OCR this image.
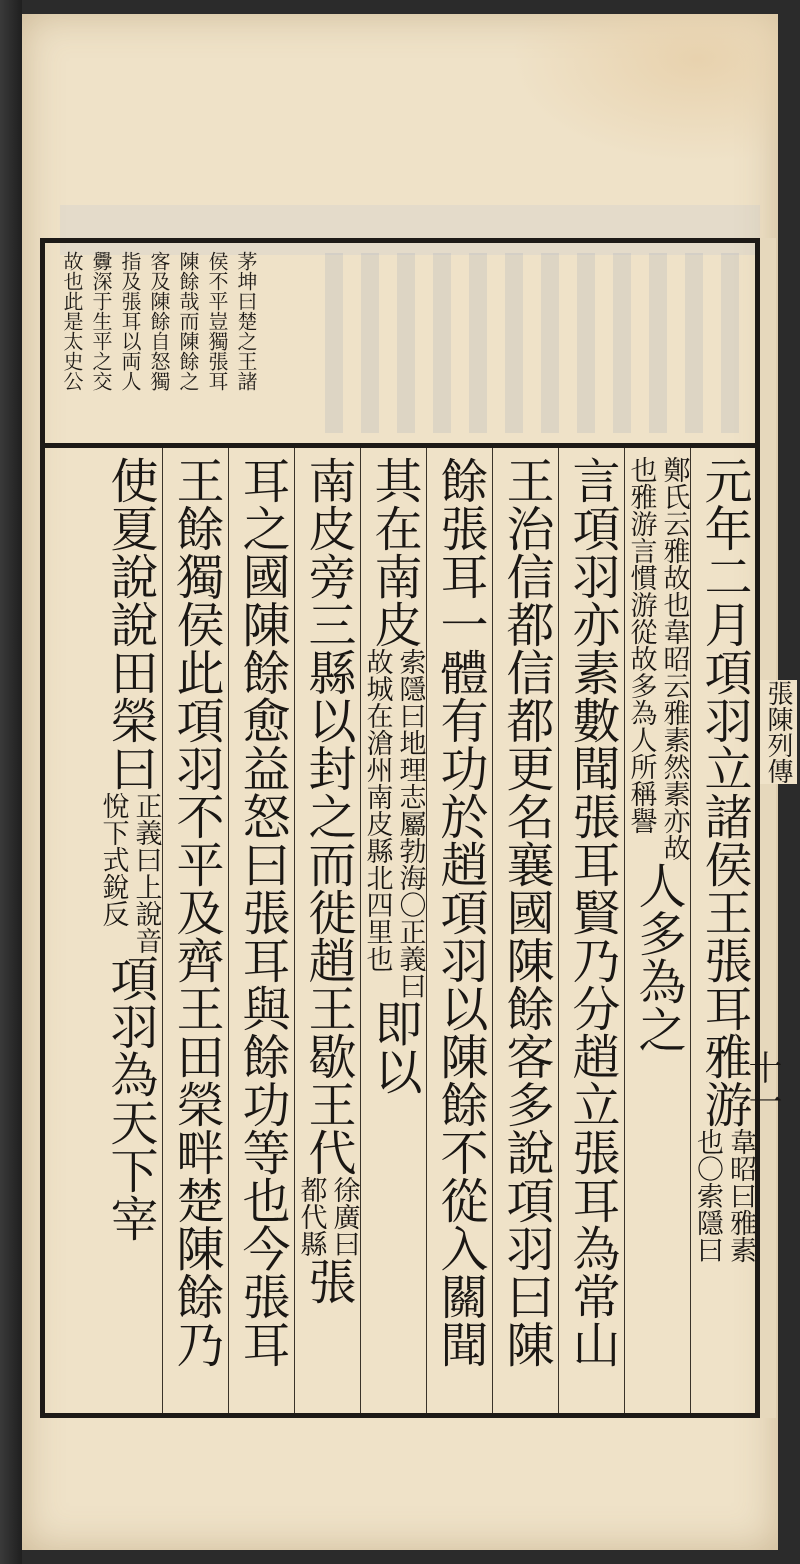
茅坤曰楚之王諸
侯不平豈獨張耳
陳餘哉而陳餘之
客及陳餘自怒獨
指及張耳以両人
釁深于生平之交
故也此是太史公
元年二月項羽立諸侯王張耳雅游
韋昭曰雅素
也〇索隱曰
鄭氏云雅故也韋昭云雅素然素亦故
也雅游言慣游從故多為人所稱譽
人多為之
言項羽亦素數聞張耳賢乃分趙立張耳為常山
王治信都信都更名襄國陳餘客多說項羽曰陳
餘張耳一體有功於趙項羽以陳餘不從入關聞
其在南皮
索隱曰地理志屬勃海〇正義曰
故城在滄州南皮縣北四里也
即以
南皮旁三縣以封之而徙趙王歇王代
徐廣曰
都代縣
張
耳之國陳餘愈益怒曰張耳與餘功等也今張耳
王餘獨侯此項羽不平及齊王田榮畔楚陳餘乃
使夏說說田榮曰
正義曰上說音
悅下式銳反
項羽為天下宰
張陳列傳
十一
